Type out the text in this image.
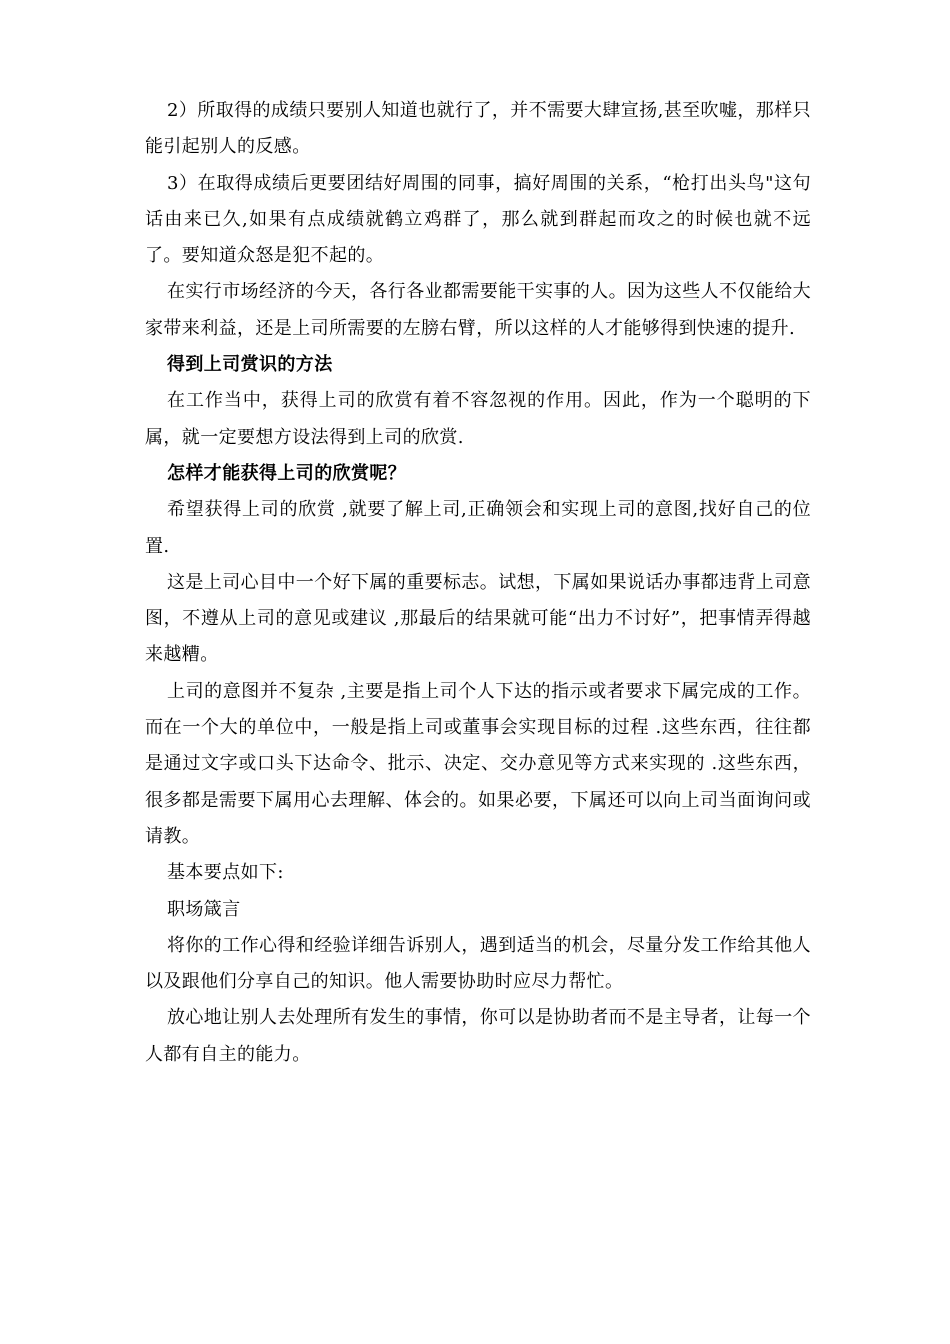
2）所取得的成绩只要别人知道也就行了，并不需要大肆宣扬,甚至吹嘘，那样只能引起别人的反感。

3）在取得成绩后更要团结好周围的同事，搞好周围的关系，“枪打出头鸟"这句话由来已久,如果有点成绩就鹤立鸡群了，那么就到群起而攻之的时候也就不远了。要知道众怒是犯不起的。

在实行市场经济的今天，各行各业都需要能干实事的人。因为这些人不仅能给大家带来利益，还是上司所需要的左膀右臂，所以这样的人才能够得到快速的提升.

得到上司赏识的方法

在工作当中，获得上司的欣赏有着不容忽视的作用。因此，作为一个聪明的下属，就一定要想方设法得到上司的欣赏.

怎样才能获得上司的欣赏呢？

希望获得上司的欣赏 ,就要了解上司,正确领会和实现上司的意图,找好自己的位置.

这是上司心目中一个好下属的重要标志。试想，下属如果说话办事都违背上司意图，不遵从上司的意见或建议 ,那最后的结果就可能“出力不讨好”，把事情弄得越来越糟。

上司的意图并不复杂 ,主要是指上司个人下达的指示或者要求下属完成的工作。而在一个大的单位中，一般是指上司或董事会实现目标的过程 .这些东西，往往都是通过文字或口头下达命令、批示、决定、交办意见等方式来实现的 .这些东西，很多都是需要下属用心去理解、体会的。如果必要，下属还可以向上司当面询问或请教。

基本要点如下:

职场箴言

将你的工作心得和经验详细告诉别人，遇到适当的机会，尽量分发工作给其他人以及跟他们分享自己的知识。他人需要协助时应尽力帮忙。

放心地让别人去处理所有发生的事情，你可以是协助者而不是主导者，让每一个人都有自主的能力。
